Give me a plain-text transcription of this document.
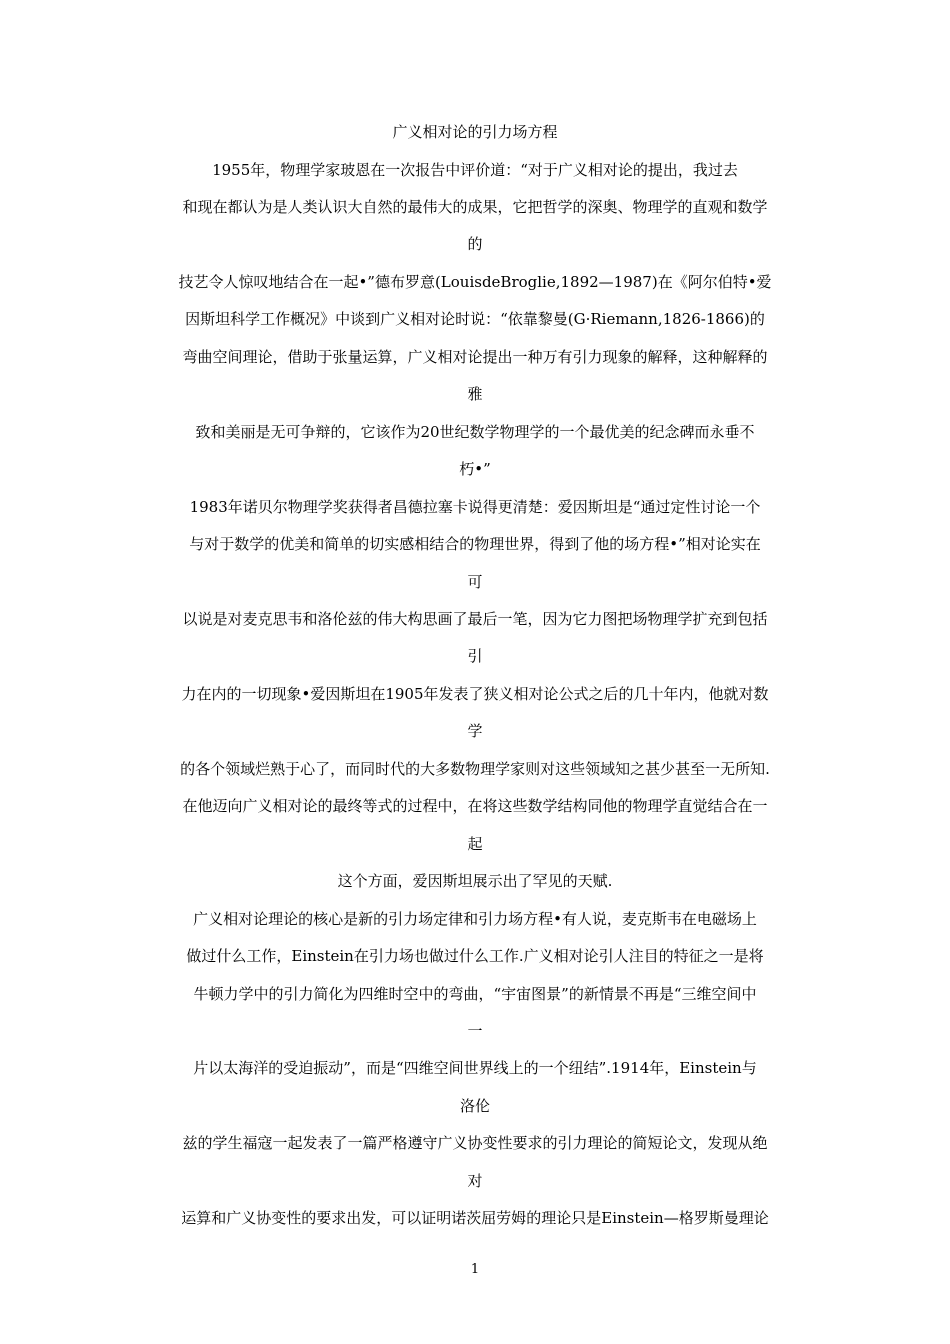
广义相对论的引力场方程
1955年，物理学家玻恩在一次报告中评价道：“对于广义相对论的提出，我过去
和现在都认为是人类认识大自然的最伟大的成果，它把哲学的深奥、物理学的直观和数学
的
技艺令人惊叹地结合在一起•”德布罗意(LouisdeBroglie,1892—1987)在《阿尔伯特•爱
因斯坦科学工作概况》中谈到广义相对论时说：“依靠黎曼(G·Riemann,1826-1866)的
弯曲空间理论，借助于张量运算，广义相对论提出一种万有引力现象的解释，这种解释的
雅
致和美丽是无可争辩的，它该作为20世纪数学物理学的一个最优美的纪念碑而永垂不
朽•”
1983年诺贝尔物理学奖获得者昌德拉塞卡说得更清楚：爱因斯坦是“通过定性讨论一个
与对于数学的优美和简单的切实感相结合的物理世界，得到了他的场方程•”相对论实在
可
以说是对麦克思韦和洛伦兹的伟大构思画了最后一笔，因为它力图把场物理学扩充到包括
引
力在内的一切现象•爱因斯坦在1905年发表了狭义相对论公式之后的几十年内，他就对数
学
的各个领域烂熟于心了，而同时代的大多数物理学家则对这些领域知之甚少甚至一无所知.
在他迈向广义相对论的最终等式的过程中，在将这些数学结构同他的物理学直觉结合在一
起
这个方面，爱因斯坦展示出了罕见的天赋.
广义相对论理论的核心是新的引力场定律和引力场方程•有人说，麦克斯韦在电磁场上
做过什么工作，Einstein在引力场也做过什么工作.广义相对论引人注目的特征之一是将
牛顿力学中的引力简化为四维时空中的弯曲，“宇宙图景”的新情景不再是“三维空间中
一
片以太海洋的受迫振动”，而是“四维空间世界线上的一个纽结”.1914年，Einstein与
洛伦
兹的学生福寇一起发表了一篇严格遵守广义协变性要求的引力理论的简短论文，发现从绝
对
运算和广义协变性的要求出发，可以证明诺茨屈劳姆的理论只是Einstein—格罗斯曼理论
1
